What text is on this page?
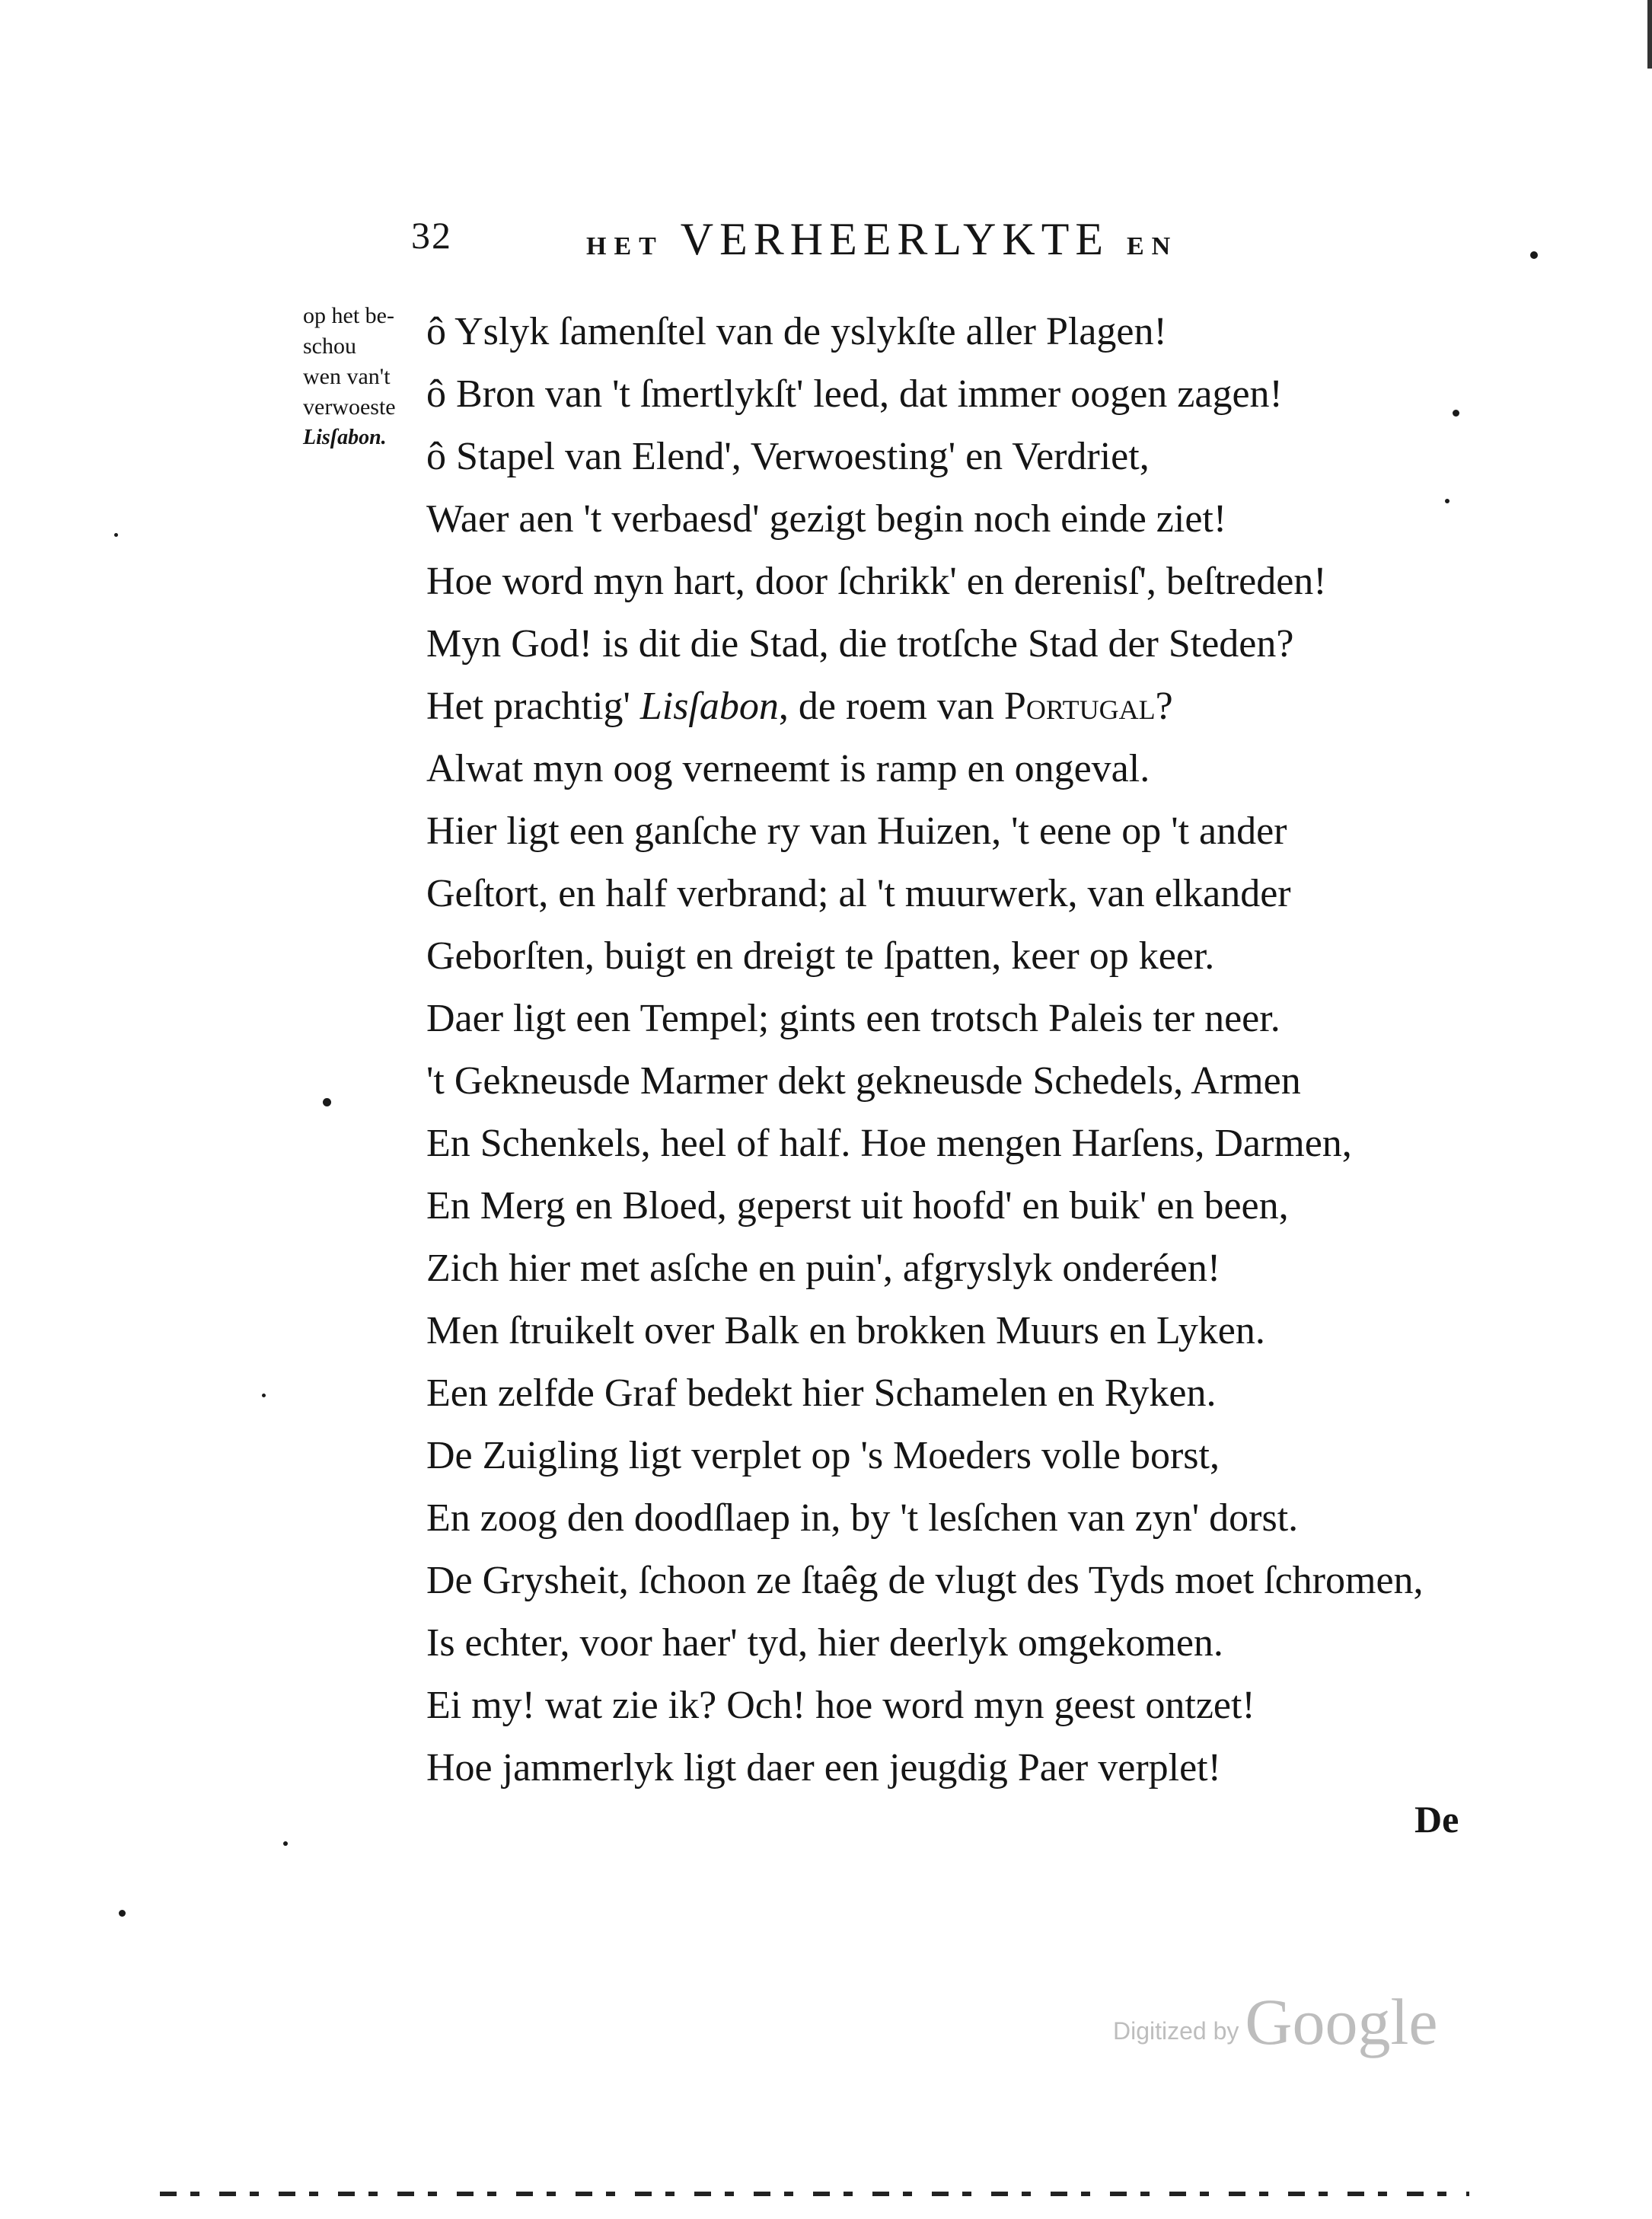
32	HET VERHEERLYKTE EN
op het be-
schou
wen van't
verwoeste
Lisſabon.
ô Yslyk ſamenſtel van de yslykſte aller Plagen!
ô Bron van 't ſmertlykſt' leed, dat immer oogen zagen!
ô Stapel van Elend', Verwoesting' en Verdriet,
Waer aen 't verbaesd' gezigt begin noch einde ziet!
Hoe word myn hart, door ſchrikk' en derenisſ', beſtreden!
Myn God! is dit die Stad, die trotſche Stad der Steden?
Het prachtig' Lisſabon, de roem van Portugal?
Alwat myn oog verneemt is ramp en ongeval.
Hier ligt een ganſche ry van Huizen, 't eene op 't ander
Geſtort, en half verbrand; al 't muurwerk, van elkander
Geborſten, buigt en dreigt te ſpatten, keer op keer.
Daer ligt een Tempel; gints een trotsch Paleis ter neer.
't Gekneusde Marmer dekt gekneusde Schedels, Armen
En Schenkels, heel of half. Hoe mengen Harſens, Darmen,
En Merg en Bloed, geperst uit hoofd' en buik' en been,
Zich hier met asſche en puin', afgryslyk onderéen!
Men ſtruikelt over Balk en brokken Muurs en Lyken.
Een zelfde Graf bedekt hier Schamelen en Ryken.
De Zuigling ligt verplet op 's Moeders volle borst,
En zoog den doodſlaep in, by 't lesſchen van zyn' dorst.
De Grysheit, ſchoon ze ſtaêg de vlugt des Tyds moet ſchromen,
Is echter, voor haer' tyd, hier deerlyk omgekomen.
Ei my! wat zie ik? Och! hoe word myn geest ontzet!
Hoe jammerlyk ligt daer een jeugdig Paer verplet!
De
Digitized byGoogle
